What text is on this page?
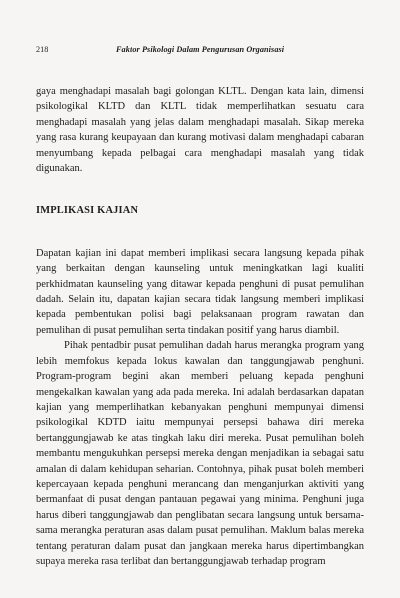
218	Faktor Psikologi Dalam Pengurusan Organisasi

gaya menghadapi masalah bagi golongan KLTL. Dengan kata lain, dimensi psikologikal KLTD dan KLTL tidak memperlihatkan sesuatu cara menghadapi masalah yang jelas dalam menghadapi masalah. Sikap mereka yang rasa kurang keupayaan dan kurang motivasi dalam menghadapi cabaran menyumbang kepada pelbagai cara menghadapi masalah yang tidak digunakan.

IMPLIKASI KAJIAN

Dapatan kajian ini dapat memberi implikasi secara langsung kepada pihak yang berkaitan dengan kaunseling untuk meningkatkan lagi kualiti perkhidmatan kaunseling yang ditawar kepada penghuni di pusat pemulihan dadah. Selain itu, dapatan kajian secara tidak langsung memberi implikasi kepada pembentukan polisi bagi pelaksanaan program rawatan dan pemulihan di pusat pemulihan serta tindakan positif yang harus diambil.

Pihak pentadbir pusat pemulihan dadah harus merangka program yang lebih memfokus kepada lokus kawalan dan tanggungjawab penghuni. Program-program begini akan memberi peluang kepada penghuni mengekalkan kawalan yang ada pada mereka. Ini adalah berdasarkan dapatan kajian yang memperlihatkan kebanyakan penghuni mempunyai dimensi psikologikal KDTD iaitu mempunyai persepsi bahawa diri mereka bertanggungjawab ke atas tingkah laku diri mereka. Pusat pemulihan boleh membantu mengukuhkan persepsi mereka dengan menjadikan ia sebagai satu amalan di dalam kehidupan seharian. Contohnya, pihak pusat boleh memberi kepercayaan kepada penghuni merancang dan menganjurkan aktiviti yang bermanfaat di pusat dengan pantauan pegawai yang minima. Penghuni juga harus diberi tanggungjawab dan penglibatan secara langsung untuk bersama-sama merangka peraturan asas dalam pusat pemulihan. Maklum balas mereka tentang peraturan dalam pusat dan jangkaan mereka harus dipertimbangkan supaya mereka rasa terlibat dan bertanggungjawab terhadap program
